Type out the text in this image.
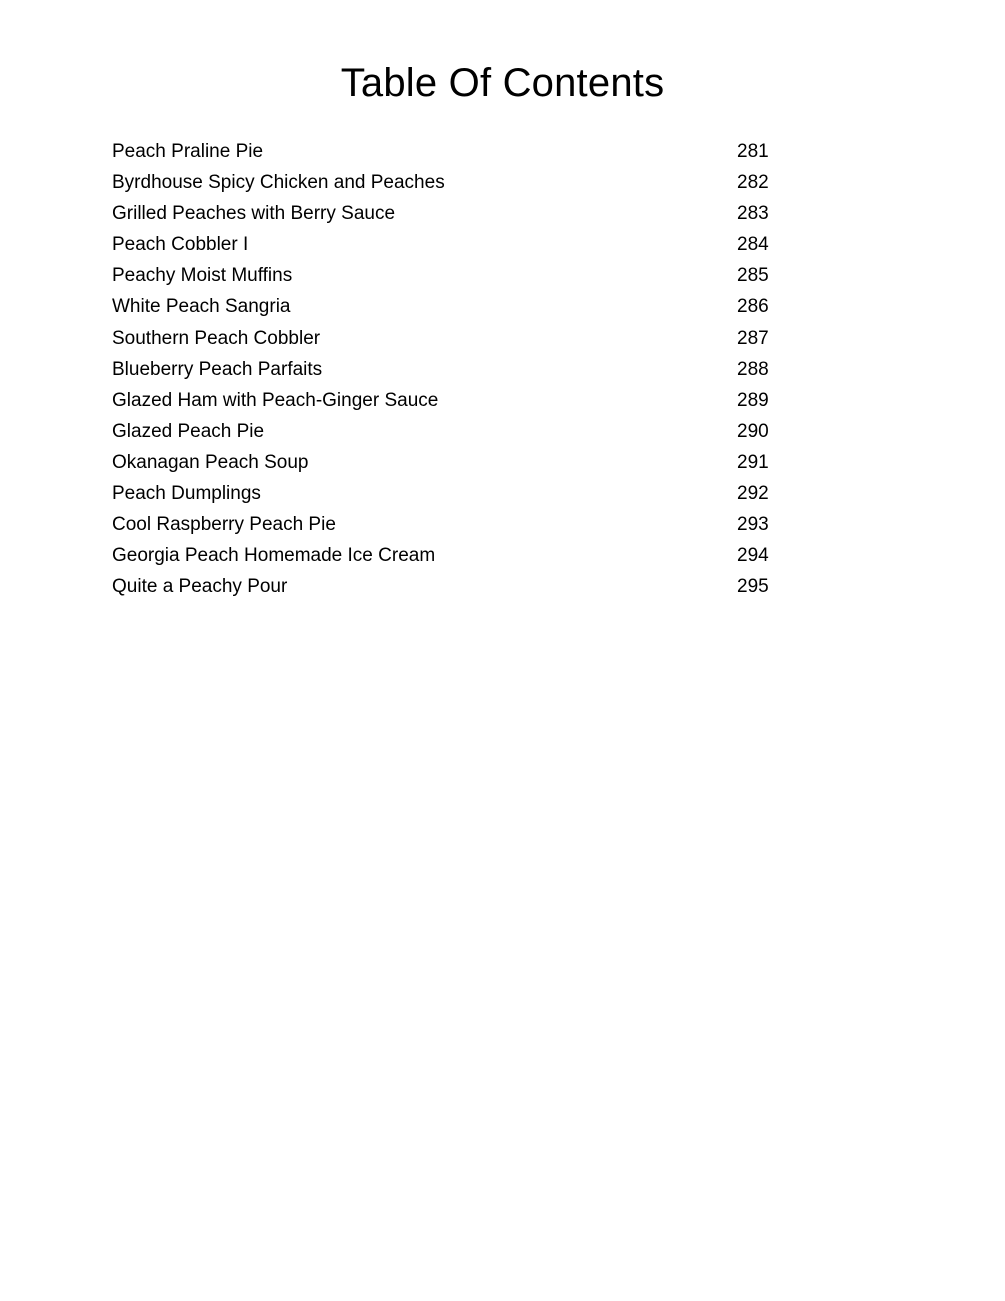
Table Of Contents
Peach Praline Pie	281
Byrdhouse Spicy Chicken and Peaches	282
Grilled Peaches with Berry Sauce	283
Peach Cobbler I	284
Peachy Moist Muffins	285
White Peach Sangria	286
Southern Peach Cobbler	287
Blueberry Peach Parfaits	288
Glazed Ham with Peach-Ginger Sauce	289
Glazed Peach Pie	290
Okanagan Peach Soup	291
Peach Dumplings	292
Cool Raspberry Peach Pie	293
Georgia Peach Homemade Ice Cream	294
Quite a Peachy Pour	295
